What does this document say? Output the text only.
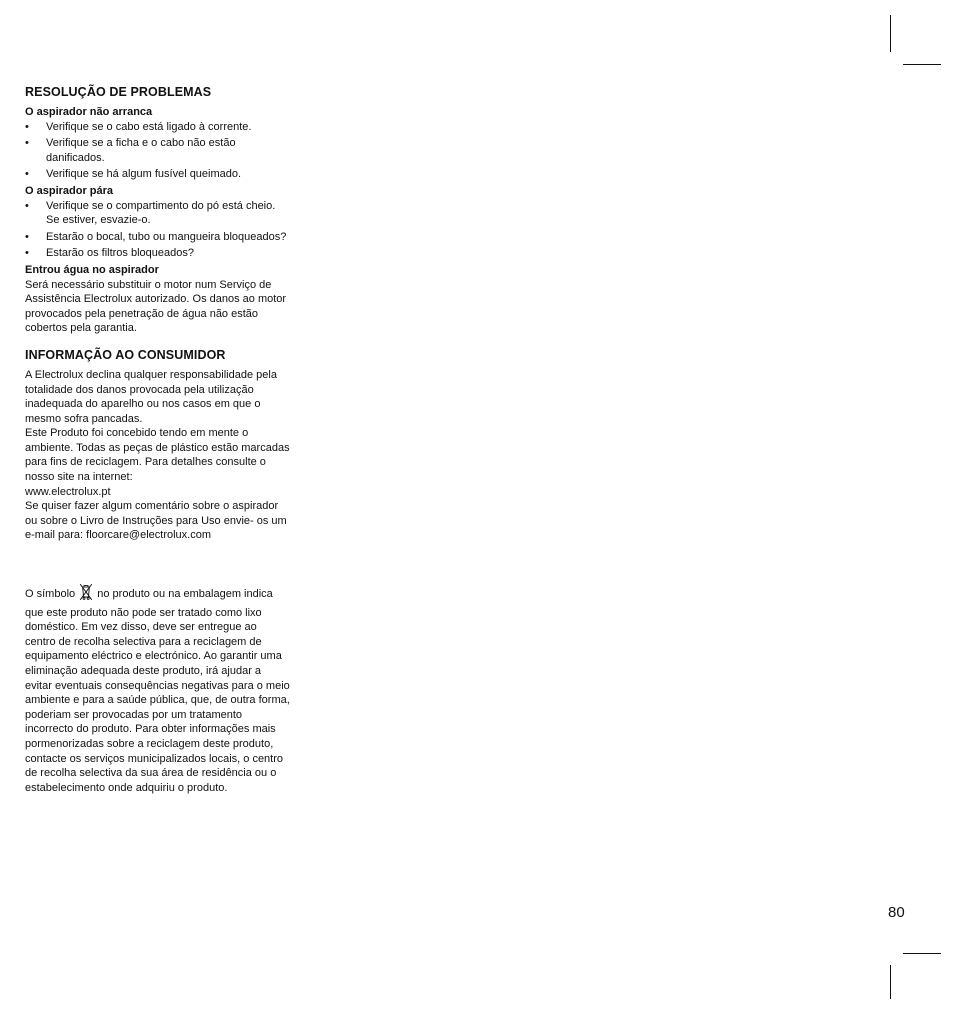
RESOLUÇÃO DE PROBLEMAS
O aspirador não arranca
• Verifique se o cabo está ligado à corrente.
• Verifique se a ficha e o cabo não estão danificados.
• Verifique se há algum fusível queimado.
O aspirador pára
• Verifique se o compartimento do pó está cheio. Se estiver, esvazie-o.
• Estarão o bocal, tubo ou mangueira bloqueados?
• Estarão os filtros bloqueados?
Entrou água no aspirador

Será necessário substituir o motor num Serviço de Assistência Electrolux autorizado. Os danos ao motor provocados pela penetração de água não estão cobertos pela garantia.

INFORMAÇÃO AO CONSUMIDOR

A Electrolux declina qualquer responsabilidade pela totalidade dos danos provocada pela utilização inadequada do aparelho ou nos casos em que o mesmo sofra pancadas.

Este Produto foi concebido tendo em mente o ambiente. Todas as peças de plástico estão marcadas para fins de reciclagem. Para detalhes consulte o nosso site na internet:

www.electrolux.pt

Se quiser fazer algum comentário sobre o aspirador ou sobre o Livro de Instruções para Uso envie- os um

e-mail para: floorcare@electrolux.com

O símbolo no produto ou na embalagem indica que este produto não pode ser tratado como lixo doméstico. Em vez disso, deve ser entregue ao centro de recolha selectiva para a reciclagem de equipamento eléctrico e electrónico. Ao garantir uma eliminação adequada deste produto, irá ajudar a evitar eventuais consequências negativas para o meio ambiente e para a saúde pública, que, de outra forma, poderiam ser provocadas por um tratamento incorrecto do produto. Para obter informações mais pormenorizadas sobre a reciclagem deste produto, contacte os serviços municipalizados locais, o centro de recolha selectiva da sua área de residência ou o estabelecimento onde adquiriu o produto.

80
